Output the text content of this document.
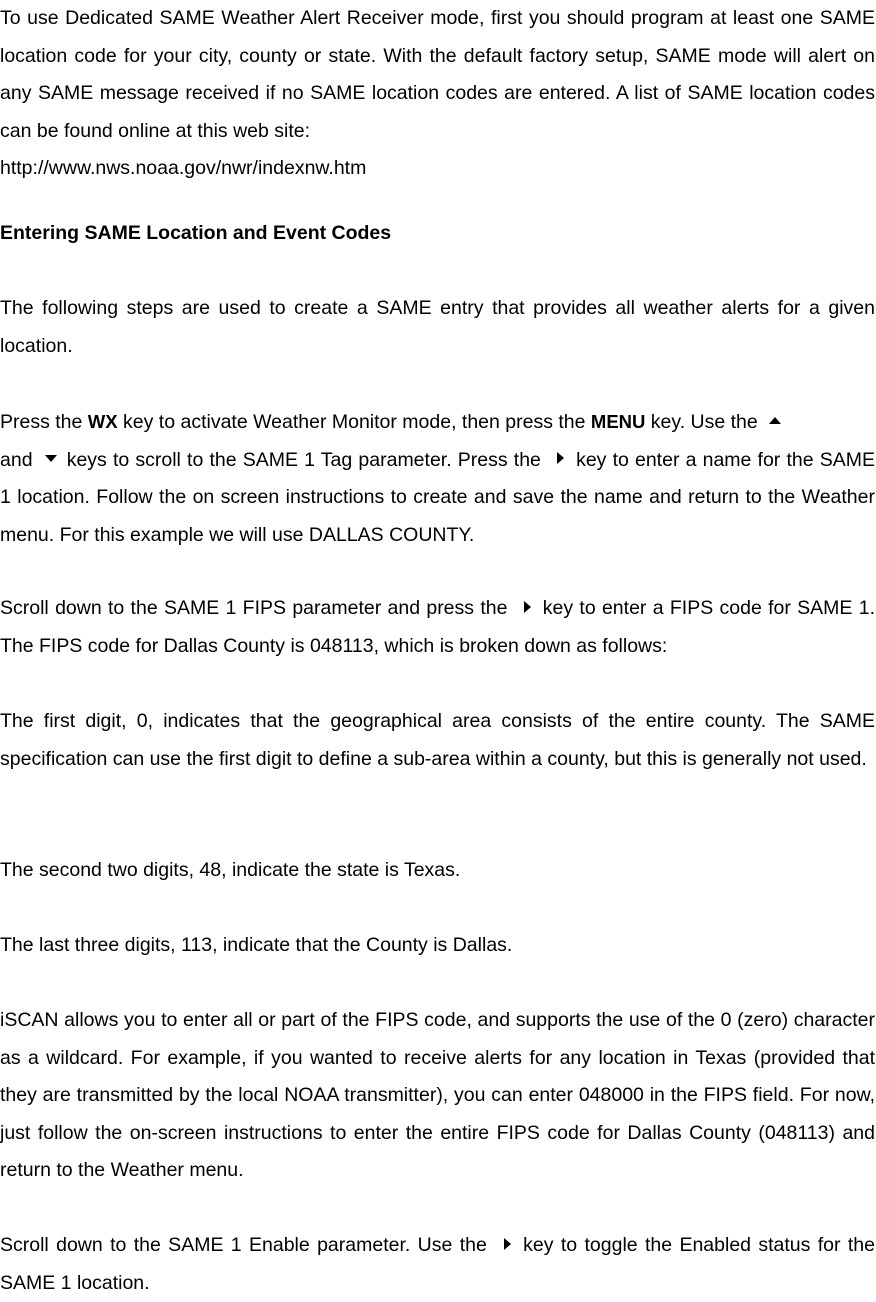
To use Dedicated SAME Weather Alert Receiver mode, first you should program at least one SAME location code for your city, county or state. With the default factory setup, SAME mode will alert on any SAME message received if no SAME location codes are entered. A list of SAME location codes can be found online at this web site:
http://www.nws.noaa.gov/nwr/indexnw.htm

Entering SAME Location and Event Codes

The following steps are used to create a SAME entry that provides all weather alerts for a given location.

Press the WX key to activate Weather Monitor mode, then press the MENU key. Use the
and keys to scroll to the SAME 1 Tag parameter. Press the key to enter a name for the SAME 1 location. Follow the on screen instructions to create and save the name and return to the Weather menu. For this example we will use DALLAS COUNTY.

Scroll down to the SAME 1 FIPS parameter and press the key to enter a FIPS code for SAME 1. The FIPS code for Dallas County is 048113, which is broken down as follows:

The first digit, 0, indicates that the geographical area consists of the entire county. The SAME specification can use the first digit to define a sub-area within a county, but this is generally not used.

The second two digits, 48, indicate the state is Texas.

The last three digits, 113, indicate that the County is Dallas.

iSCAN allows you to enter all or part of the FIPS code, and supports the use of the 0 (zero) character as a wildcard. For example, if you wanted to receive alerts for any location in Texas (provided that they are transmitted by the local NOAA transmitter), you can enter 048000 in the FIPS field. For now, just follow the on-screen instructions to enter the entire FIPS code for Dallas County (048113) and return to the Weather menu.

Scroll down to the SAME 1 Enable parameter. Use the key to toggle the Enabled status for the SAME 1 location.
